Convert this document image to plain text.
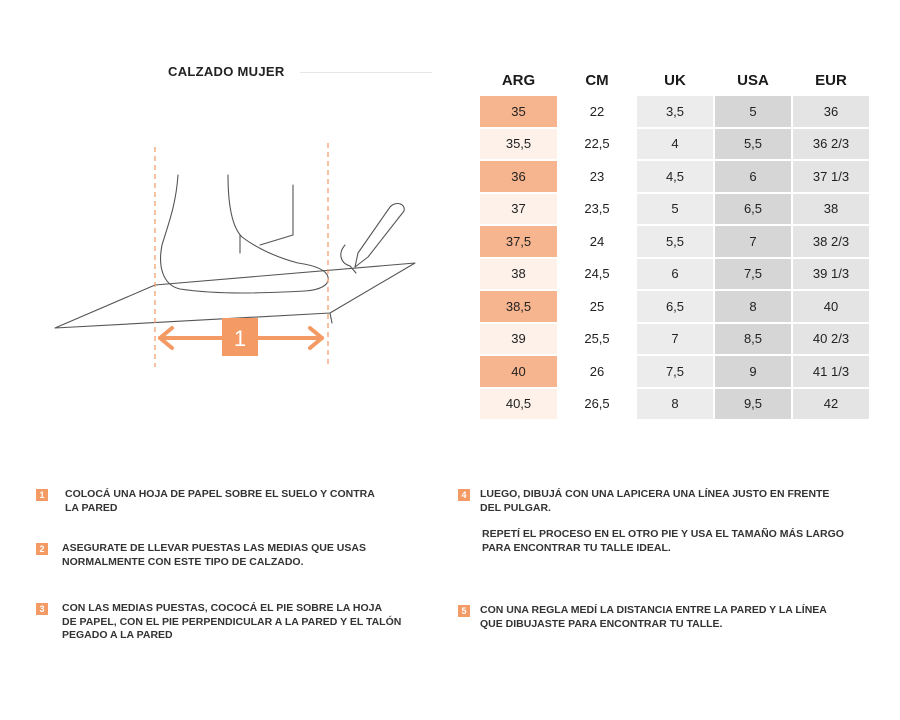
CALZADO MUJER
1
ARG	CM	UK	USA	EUR
35	22	3,5	5	36
35,5	22,5	4	5,5	36 2/3
36	23	4,5	6	37 1/3
37	23,5	5	6,5	38
37,5	24	5,5	7	38 2/3
38	24,5	6	7,5	39 1/3
38,5	25	6,5	8	40
39	25,5	7	8,5	40 2/3
40	26	7,5	9	41 1/3
40,5	26,5	8	9,5	42
1	COLOCÁ UNA HOJA DE PAPEL SOBRE EL SUELO Y CONTRA
LA PARED
2	ASEGURATE DE LLEVAR PUESTAS LAS MEDIAS QUE USAS
NORMALMENTE CON ESTE TIPO DE CALZADO.
3	CON LAS MEDIAS PUESTAS, COCOCÁ EL PIE SOBRE LA HOJA
DE PAPEL, CON EL PIE PERPENDICULAR A LA PARED Y EL TALÓN
PEGADO A LA PARED
4	LUEGO, DIBUJÁ CON UNA LAPICERA UNA LÍNEA JUSTO EN FRENTE
DEL PULGAR.
REPETÍ EL PROCESO EN EL OTRO PIE Y USA EL TAMAÑO MÁS LARGO
PARA ENCONTRAR TU TALLE IDEAL.
5	CON UNA REGLA MEDÍ LA DISTANCIA ENTRE LA PARED Y LA LÍNEA
QUE DIBUJASTE PARA ENCONTRAR TU TALLE.
